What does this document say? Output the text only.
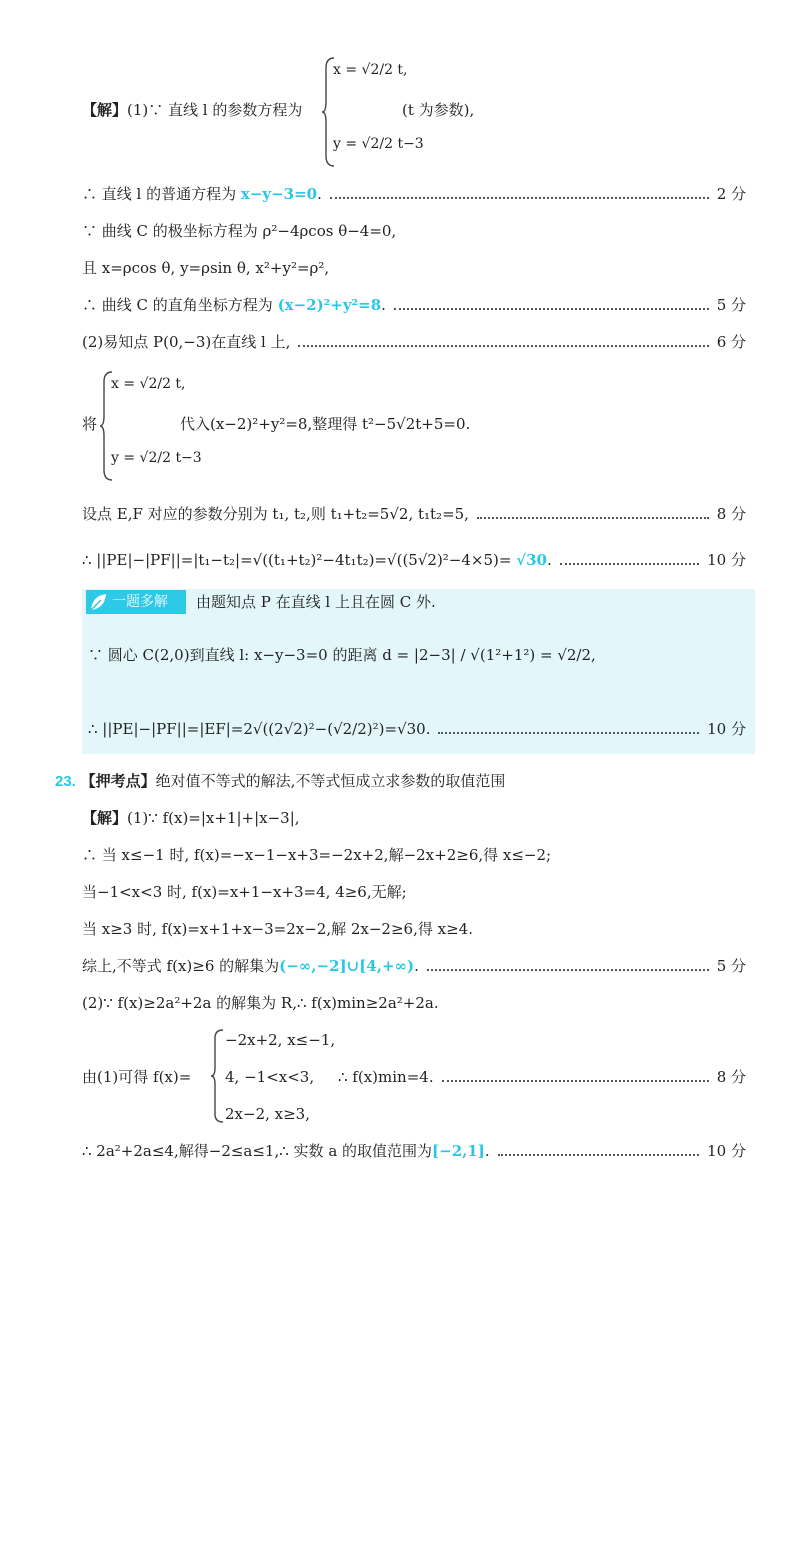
【解】(1)∵ 直线 l 的参数方程为
x = √2/2 t,
y = √2/2 t−3
(t 为参数),
∴ 直线 l 的普通方程为 x−y−3=0.	2 分
∵ 曲线 C 的极坐标方程为 ρ²−4ρcos θ−4=0,
且 x=ρcos θ, y=ρsin θ, x²+y²=ρ²,
∴ 曲线 C 的直角坐标方程为 (x−2)²+y²=8.	5 分
(2)易知点 P(0,−3)在直线 l 上,	6 分
将
x = √2/2 t,
y = √2/2 t−3
代入(x−2)²+y²=8,整理得 t²−5√2t+5=0.
设点 E,F 对应的参数分别为 t₁, t₂,则 t₁+t₂=5√2, t₁t₂=5,	8 分
∴ ||PE|−|PF||=|t₁−t₂|=√((t₁+t₂)²−4t₁t₂)=√((5√2)²−4×5)= √30.	10 分
一题多解 由题知点 P 在直线 l 上且在圆 C 外.
∵ 圆心 C(2,0)到直线 l: x−y−3=0 的距离 d = |2−3| / √(1²+1²) = √2/2,
∴ ||PE|−|PF||=|EF|=2√((2√2)²−(√2/2)²)=√30.	10 分
23. 【押考点】绝对值不等式的解法,不等式恒成立求参数的取值范围
【解】(1)∵ f(x)=|x+1|+|x−3|,
∴ 当 x≤−1 时, f(x)=−x−1−x+3=−2x+2,解−2x+2≥6,得 x≤−2;
当−1<x<3 时, f(x)=x+1−x+3=4, 4≥6,无解;
当 x≥3 时, f(x)=x+1+x−3=2x−2,解 2x−2≥6,得 x≥4.
综上,不等式 f(x)≥6 的解集为(−∞,−2]∪[4,+∞).	5 分
(2)∵ f(x)≥2a²+2a 的解集为 R,∴ f(x)min≥2a²+2a.
由(1)可得 f(x)=
−2x+2, x≤−1,
4, −1<x<3,
2x−2, x≥3,
∴ f(x)min=4.	8 分
∴ 2a²+2a≤4,解得−2≤a≤1,∴ 实数 a 的取值范围为[−2,1].	10 分
